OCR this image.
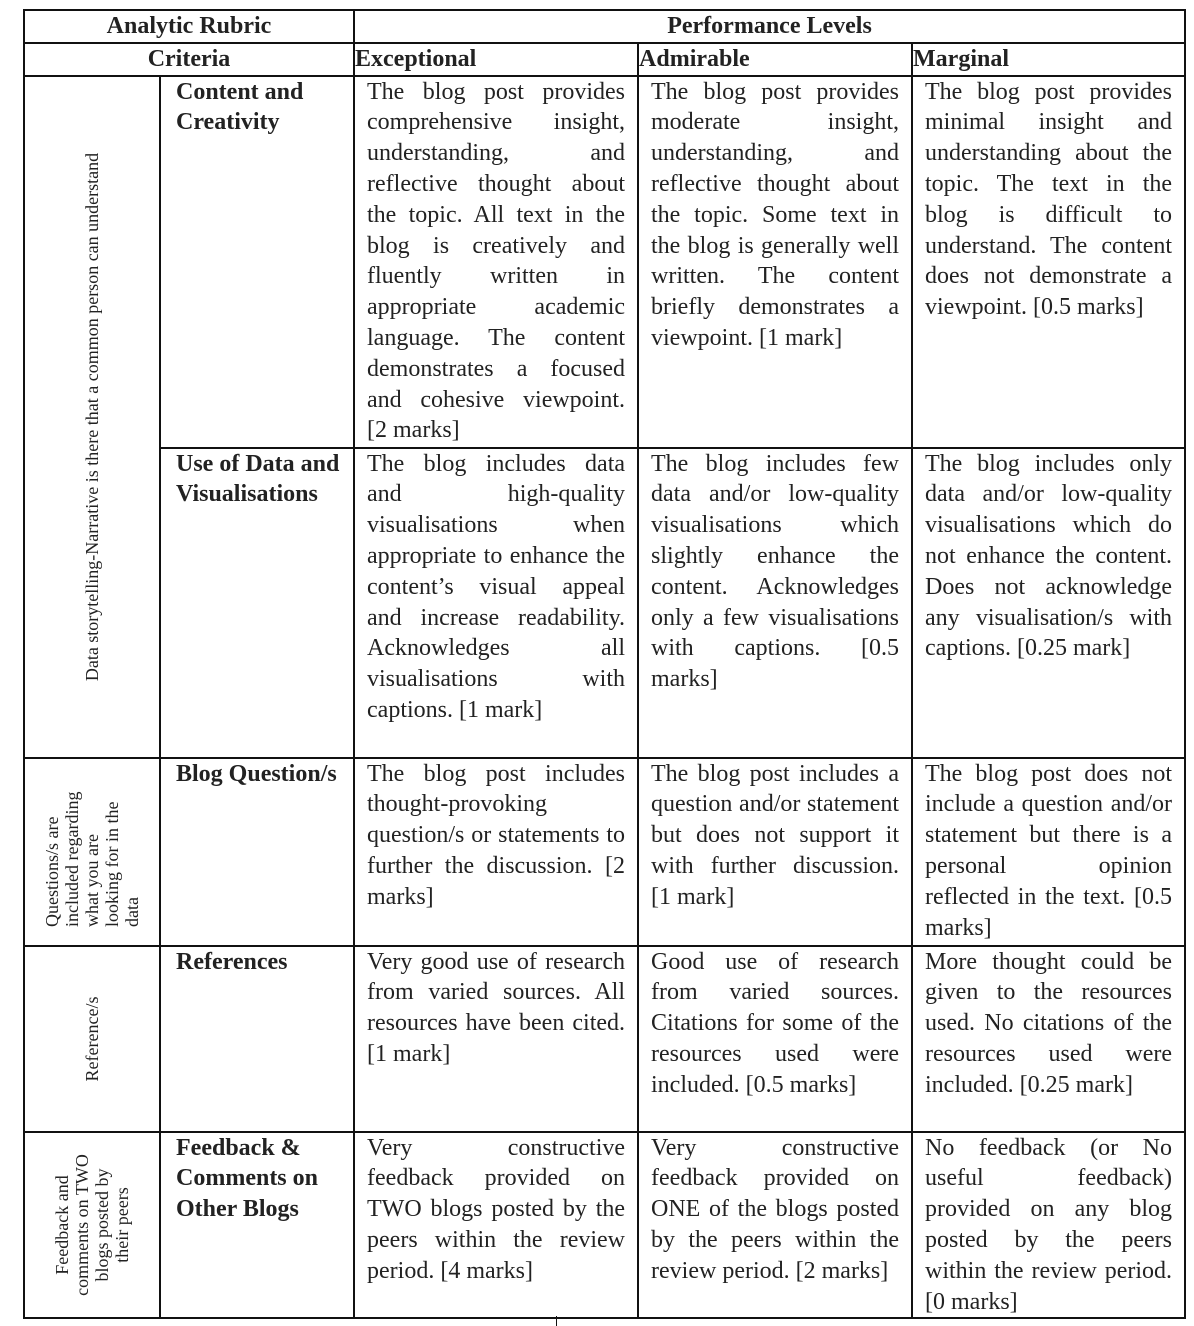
Analytic Rubric		Performance Levels		
Criteria		Exceptional	Admirable	Marginal

Data storytelling-Narrative is there that a common person can understand	Content and Creativity	The blog post provides comprehensive insight, understanding, and reflective thought about the topic. All text in the blog is creatively and fluently written in appropriate academic language. The content demonstrates a focused and cohesive viewpoint. [2 marks]	The blog post provides moderate insight, understanding, and reflective thought about the topic. Some text in the blog is generally well written. The content briefly demonstrates a viewpoint. [1 mark]	The blog post provides minimal insight and understanding about the topic. The text in the blog is difficult to understand. The content does not demonstrate a viewpoint. [0.5 marks]
	Use of Data and Visualisations	The blog includes data and high-quality visualisations when appropriate to enhance the content’s visual appeal and increase readability. Acknowledges all visualisations with captions. [1 mark]	The blog includes few data and/or low-quality visualisations which slightly enhance the content. Acknowledges only a few visualisations with captions. [0.5 marks]	The blog includes only data and/or low-quality visualisations which do not enhance the content. Does not acknowledge any visualisation/s with captions. [0.25 mark]

Questions/s are included regarding what you are looking for in the data	Blog Question/s	The blog post includes thought-provoking question/s or statements to further the discussion. [2 marks]	The blog post includes a question and/or statement but does not support it with further discussion. [1 mark]	The blog post does not include a question and/or statement but there is a personal opinion reflected in the text. [0.5 marks]

Reference/s	References	Very good use of research from varied sources. All resources have been cited. [1 mark]	Good use of research from varied sources. Citations for some of the resources used were included. [0.5 marks]	More thought could be given to the resources used. No citations of the resources used were included. [0.25 mark]

Feedback and comments on TWO blogs posted by their peers	Feedback & Comments on Other Blogs	Very constructive feedback provided on TWO blogs posted by the peers within the review period. [4 marks]	Very constructive feedback provided on ONE of the blogs posted by the peers within the review period. [2 marks]	No feedback (or No useful feedback) provided on any blog posted by the peers within the review period. [0 marks]
